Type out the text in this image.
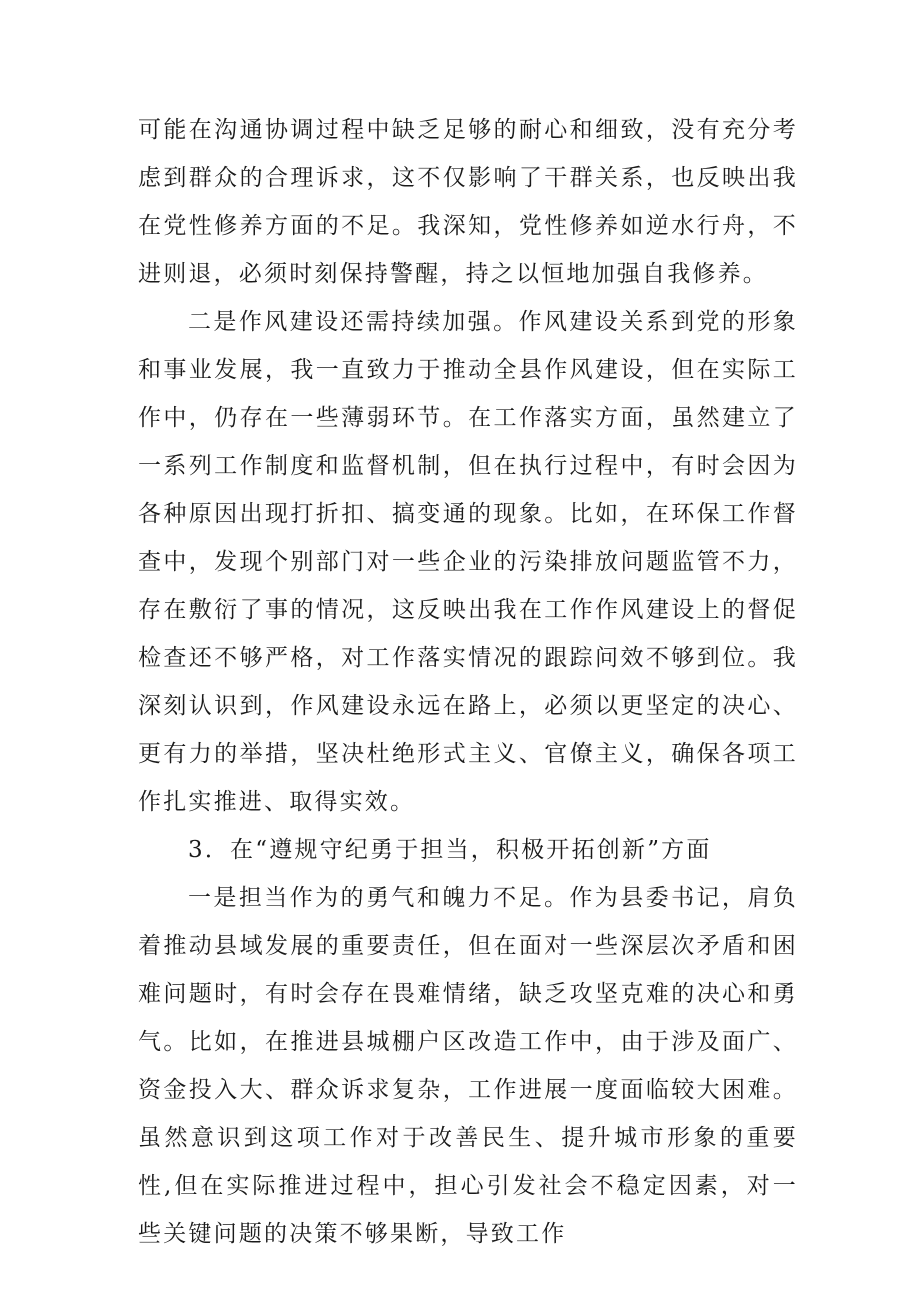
可能在沟通协调过程中缺乏足够的耐心和细致，没有充分考虑到群众的合理诉求，这不仅影响了干群关系，也反映出我在党性修养方面的不足。我深知，党性修养如逆水行舟，不进则退，必须时刻保持警醒，持之以恒地加强自我修养。

二是作风建设还需持续加强。作风建设关系到党的形象和事业发展，我一直致力于推动全县作风建设，但在实际工作中，仍存在一些薄弱环节。在工作落实方面，虽然建立了一系列工作制度和监督机制，但在执行过程中，有时会因为各种原因出现打折扣、搞变通的现象。比如，在环保工作督查中，发现个别部门对一些企业的污染排放问题监管不力，存在敷衍了事的情况，这反映出我在工作作风建设上的督促检查还不够严格，对工作落实情况的跟踪问效不够到位。我深刻认识到，作风建设永远在路上，必须以更坚定的决心、更有力的举措，坚决杜绝形式主义、官僚主义，确保各项工作扎实推进、取得实效。

3．在“遵规守纪勇于担当，积极开拓创新”方面

一是担当作为的勇气和魄力不足。作为县委书记，肩负着推动县域发展的重要责任，但在面对一些深层次矛盾和困难问题时，有时会存在畏难情绪，缺乏攻坚克难的决心和勇气。比如，在推进县城棚户区改造工作中，由于涉及面广、资金投入大、群众诉求复杂，工作进展一度面临较大困难。虽然意识到这项工作对于改善民生、提升城市形象的重要性,但在实际推进过程中，担心引发社会不稳定因素，对一些关键问题的决策不够果断，导致工作
